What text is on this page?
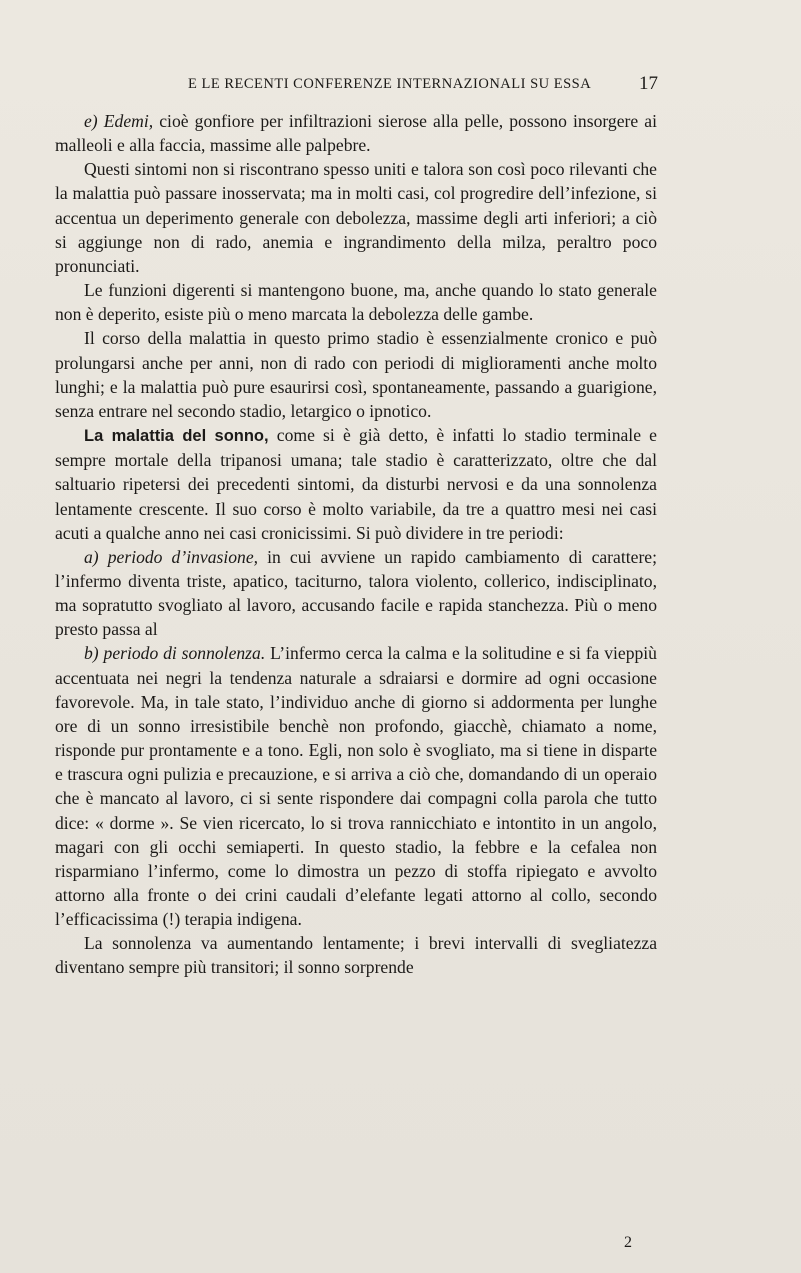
E LE RECENTI CONFERENZE INTERNAZIONALI SU ESSA	17

e) Edemi, cioè gonfiore per infiltrazioni sierose alla pelle, possono insorgere ai malleoli e alla faccia, massime alle palpebre.

Questi sintomi non si riscontrano spesso uniti e talora son così poco rilevanti che la malattia può passare inosservata; ma in molti casi, col progredire dell’infezione, si accentua un deperimento generale con debolezza, massime degli arti inferiori; a ciò si aggiunge non di rado, anemia e ingrandimento della milza, peraltro poco pronunciati.

Le funzioni digerenti si mantengono buone, ma, anche quando lo stato generale non è deperito, esiste più o meno marcata la debolezza delle gambe.

Il corso della malattia in questo primo stadio è essenzialmente cronico e può prolungarsi anche per anni, non di rado con periodi di miglioramenti anche molto lunghi; e la malattia può pure esaurirsi così, spontaneamente, passando a guarigione, senza entrare nel secondo stadio, letargico o ipnotico.

La malattia del sonno, come si è già detto, è infatti lo stadio terminale e sempre mortale della tripanosi umana; tale stadio è caratterizzato, oltre che dal saltuario ripetersi dei precedenti sintomi, da disturbi nervosi e da una sonnolenza lentamente crescente. Il suo corso è molto variabile, da tre a quattro mesi nei casi acuti a qualche anno nei casi cronicissimi. Si può dividere in tre periodi:

a) periodo d’invasione, in cui avviene un rapido cambiamento di carattere; l’infermo diventa triste, apatico, taciturno, talora violento, collerico, indisciplinato, ma sopratutto svogliato al lavoro, accusando facile e rapida stanchezza. Più o meno presto passa al

b) periodo di sonnolenza. L’infermo cerca la calma e la solitudine e si fa vieppiù accentuata nei negri la tendenza naturale a sdraiarsi e dormire ad ogni occasione favorevole. Ma, in tale stato, l’individuo anche di giorno si addormenta per lunghe ore di un sonno irresistibile benchè non profondo, giacchè, chiamato a nome, risponde pur prontamente e a tono. Egli, non solo è svogliato, ma si tiene in disparte e trascura ogni pulizia e precauzione, e si arriva a ciò che, domandando di un operaio che è mancato al lavoro, ci si sente rispondere dai compagni colla parola che tutto dice: « dorme ». Se vien ricercato, lo si trova rannicchiato e intontito in un angolo, magari con gli occhi semiaperti. In questo stadio, la febbre e la cefalea non risparmiano l’infermo, come lo dimostra un pezzo di stoffa ripiegato e avvolto attorno alla fronte o dei crini caudali d’elefante legati attorno al collo, secondo l’efficacissima (!) terapia indigena.

La sonnolenza va aumentando lentamente; i brevi intervalli di svegliatezza diventano sempre più transitori; il sonno sorprende

2
